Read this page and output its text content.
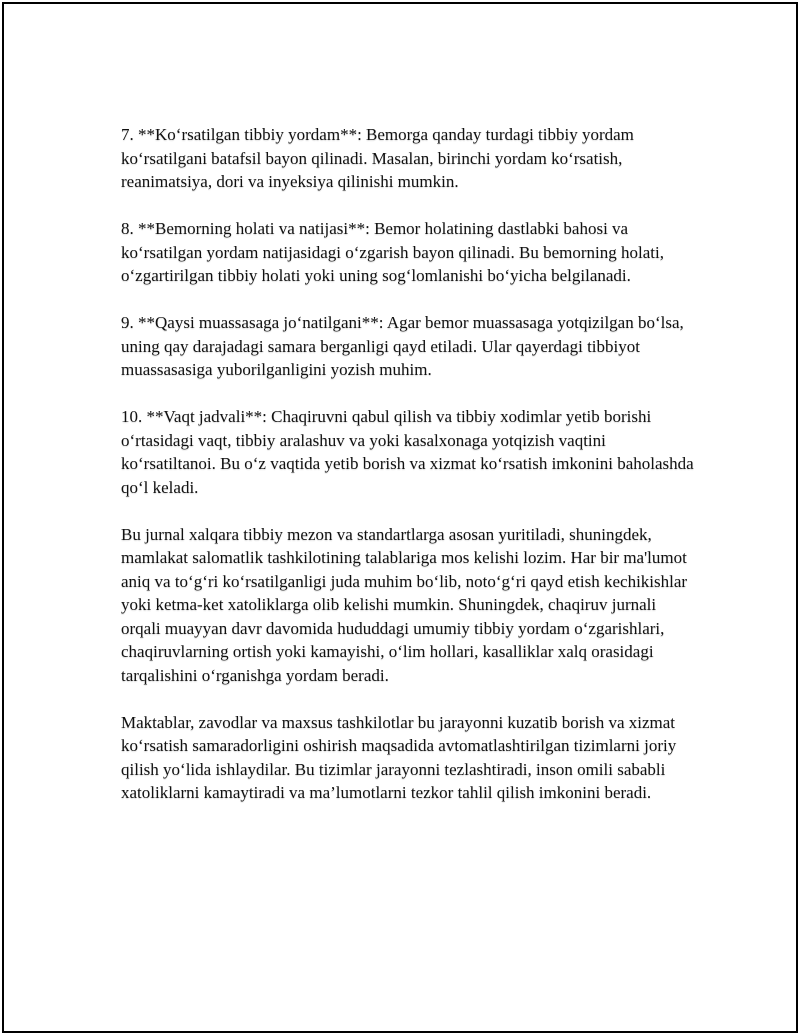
7. **Ko‘rsatilgan tibbiy yordam**: Bemorga qanday turdagi tibbiy yordam ko‘rsatilgani batafsil bayon qilinadi. Masalan, birinchi yordam ko‘rsatish, reanimatsiya, dori va inyeksiya qilinishi mumkin.

8. **Bemorning holati va natijasi**: Bemor holatining dastlabki bahosi va ko‘rsatilgan yordam natijasidagi o‘zgarish bayon qilinadi. Bu bemorning holati, o‘zgartirilgan tibbiy holati yoki uning sog‘lomlanishi bo‘yicha belgilanadi.

9. **Qaysi muassasaga jo‘natilgani**: Agar bemor muassasaga yotqizilgan bo‘lsa, uning qay darajadagi samara berganligi qayd etiladi. Ular qayerdagi tibbiyot muassasasiga yuborilganligini yozish muhim.

10. **Vaqt jadvali**: Chaqiruvni qabul qilish va tibbiy xodimlar yetib borishi o‘rtasidagi vaqt, tibbiy aralashuv va yoki kasalxonaga yotqizish vaqtini ko‘rsatiltanoi. Bu o‘z vaqtida yetib borish va xizmat ko‘rsatish imkonini baholashda qo‘l keladi.

Bu jurnal xalqara tibbiy mezon va standartlarga asosan yuritiladi, shuningdek, mamlakat salomatlik tashkilotining talablariga mos kelishi lozim. Har bir ma'lumot aniq va to‘g‘ri ko‘rsatilganligi juda muhim bo‘lib, noto‘g‘ri qayd etish kechikishlar yoki ketma-ket xatoliklarga olib kelishi mumkin. Shuningdek, chaqiruv jurnali orqali muayyan davr davomida hududdagi umumiy tibbiy yordam o‘zgarishlari, chaqiruvlarning ortish yoki kamayishi, o‘lim hollari, kasalliklar xalq orasidagi tarqalishini o‘rganishga yordam beradi.

Maktablar, zavodlar va maxsus tashkilotlar bu jarayonni kuzatib borish va xizmat ko‘rsatish samaradorligini oshirish maqsadida avtomatlashtirilgan tizimlarni joriy qilish yo‘lida ishlaydilar. Bu tizimlar jarayonni tezlashtiradi, inson omili sababli xatoliklarni kamaytiradi va ma’lumotlarni tezkor tahlil qilish imkonini beradi.
